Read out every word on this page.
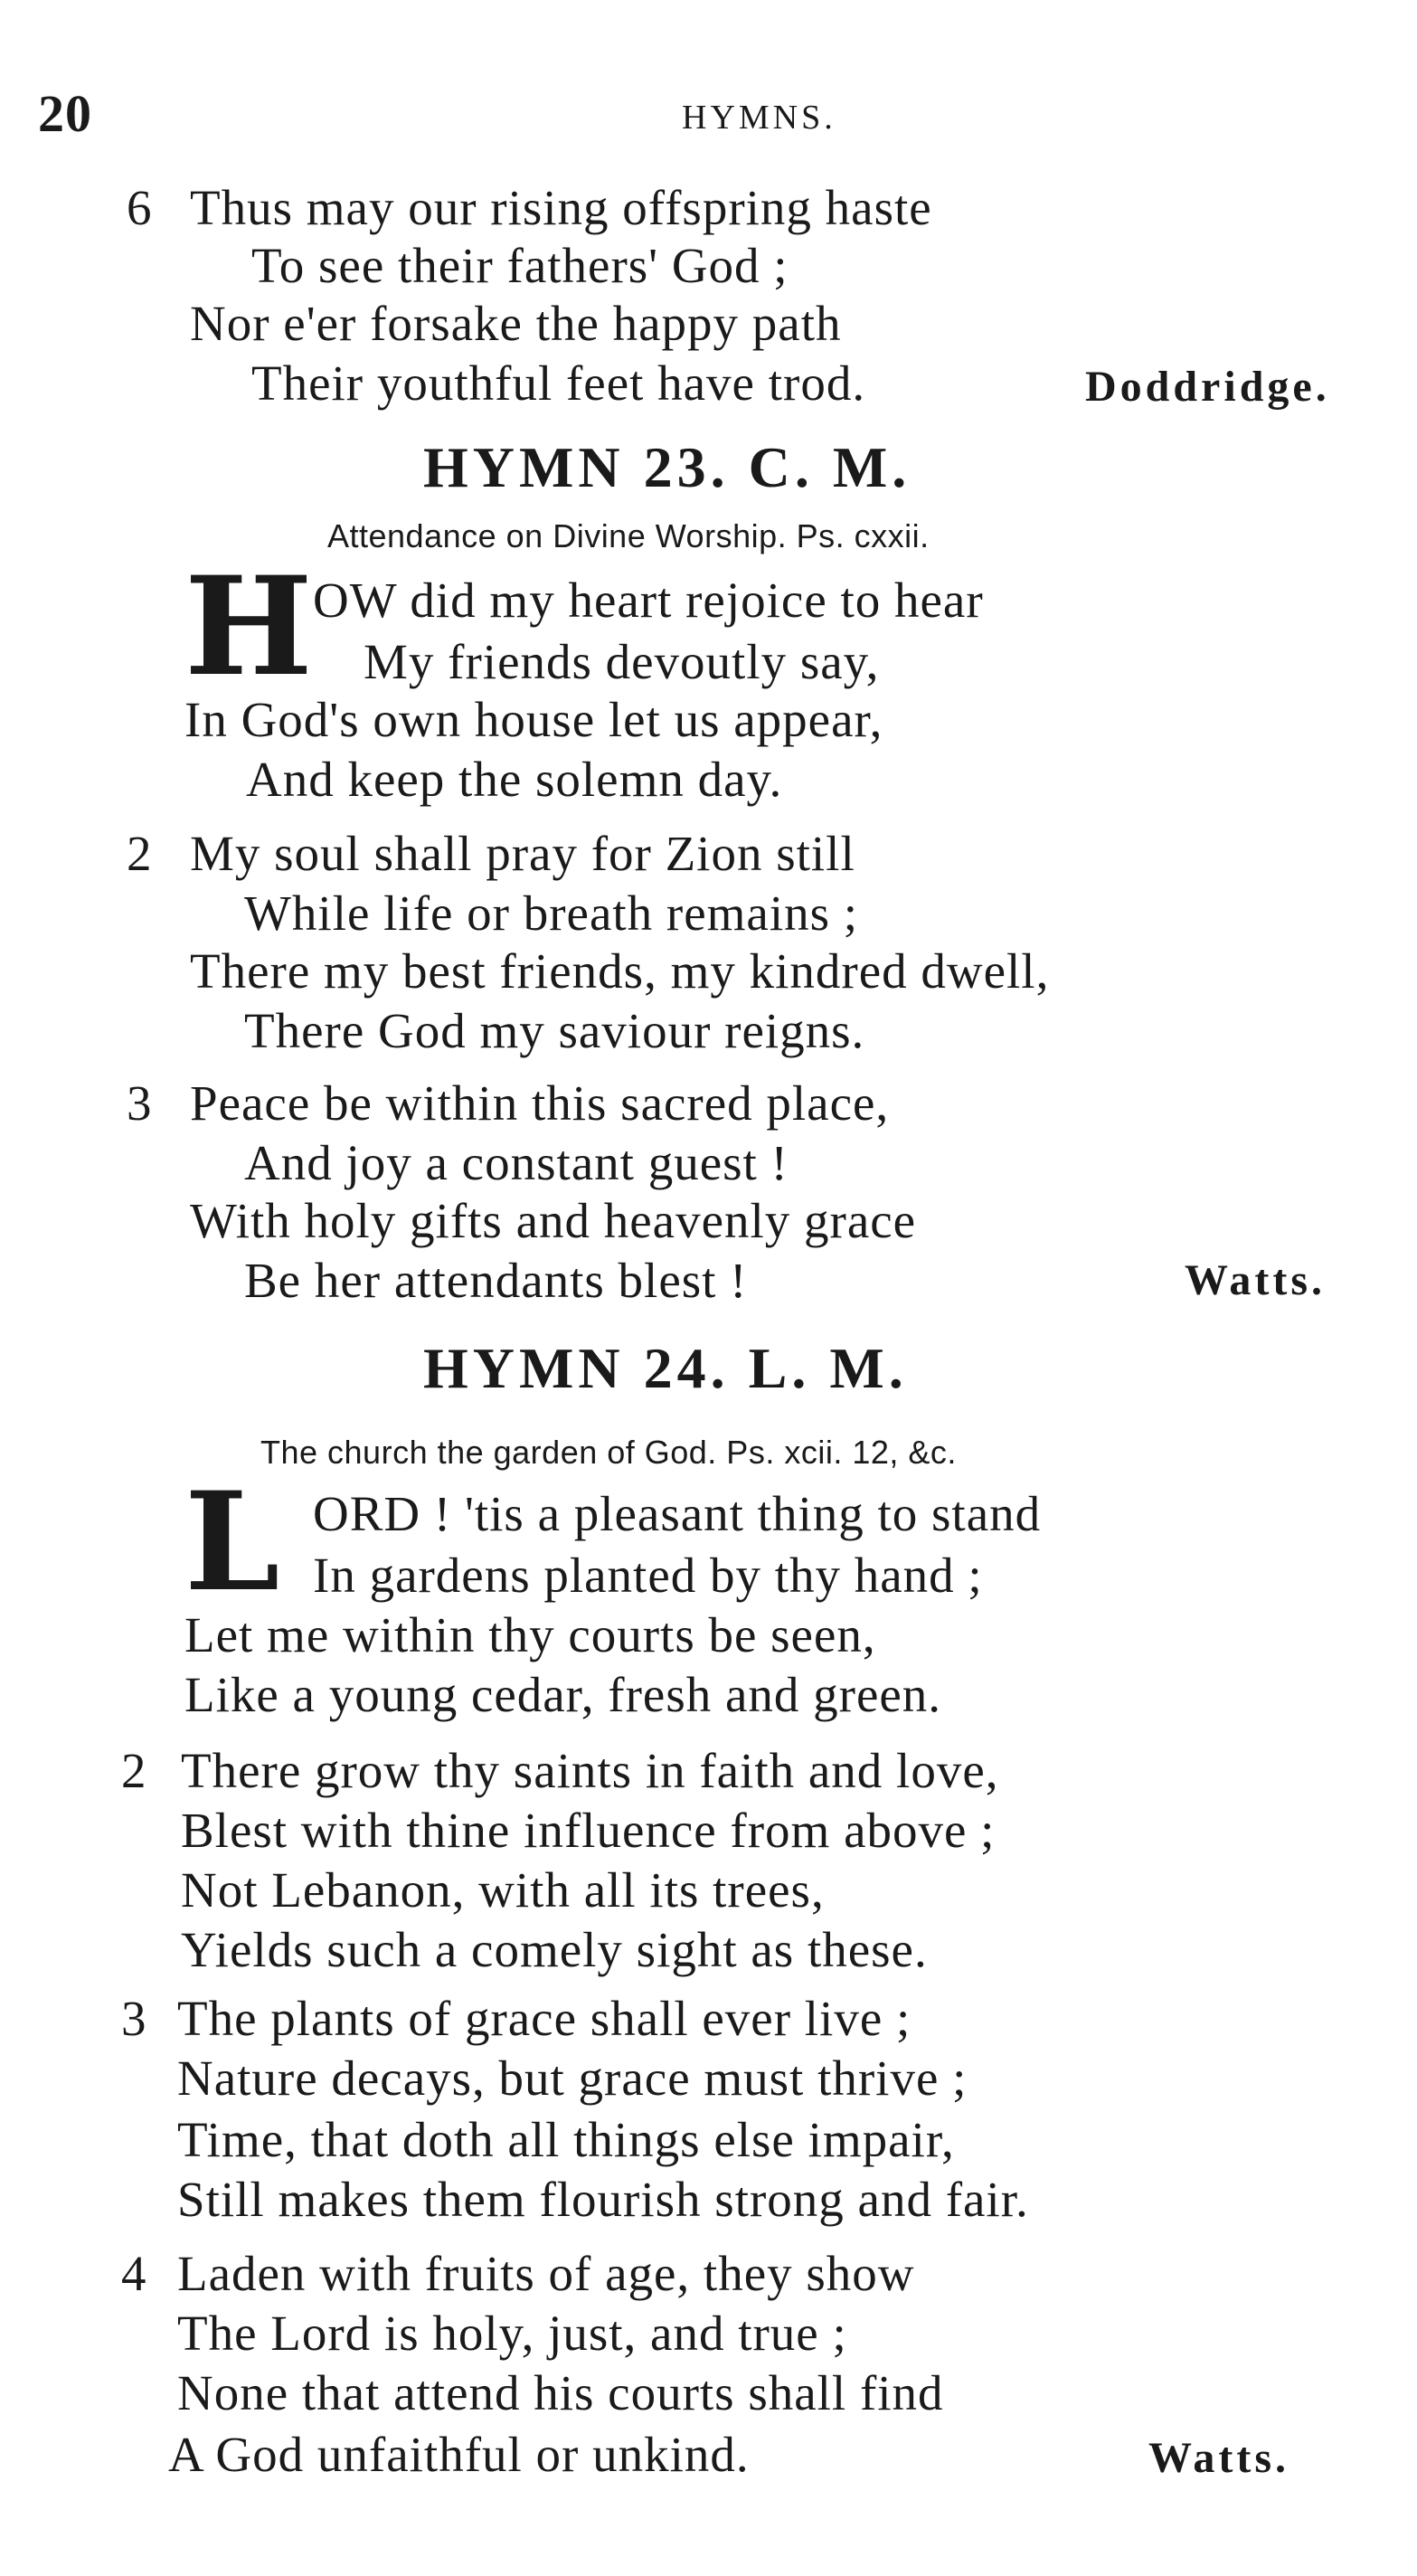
20	HYMNS.
6 Thus may our rising offspring haste
To see their fathers' God ;
Nor e'er forsake the happy path
Their youthful feet have trod.	Doddridge.
HYMN 23. C. M.
Attendance on Divine Worship. Ps. cxxii.
H OW did my heart rejoice to hear
My friends devoutly say,
In God's own house let us appear,
And keep the solemn day.
2 My soul shall pray for Zion still
While life or breath remains ;
There my best friends, my kindred dwell,
There God my saviour reigns.
3 Peace be within this sacred place,
And joy a constant guest !
With holy gifts and heavenly grace
Be her attendants blest !	Watts.
HYMN 24. L. M.
The church the garden of God. Ps. xcii. 12, &c.
L ORD ! 'tis a pleasant thing to stand
In gardens planted by thy hand ;
Let me within thy courts be seen,
Like a young cedar, fresh and green.
2 There grow thy saints in faith and love,
Blest with thine influence from above ;
Not Lebanon, with all its trees,
Yields such a comely sight as these.
3 The plants of grace shall ever live ;
Nature decays, but grace must thrive ;
Time, that doth all things else impair,
Still makes them flourish strong and fair.
4 Laden with fruits of age, they show
The Lord is holy, just, and true ;
None that attend his courts shall find
A God unfaithful or unkind.	Watts.
